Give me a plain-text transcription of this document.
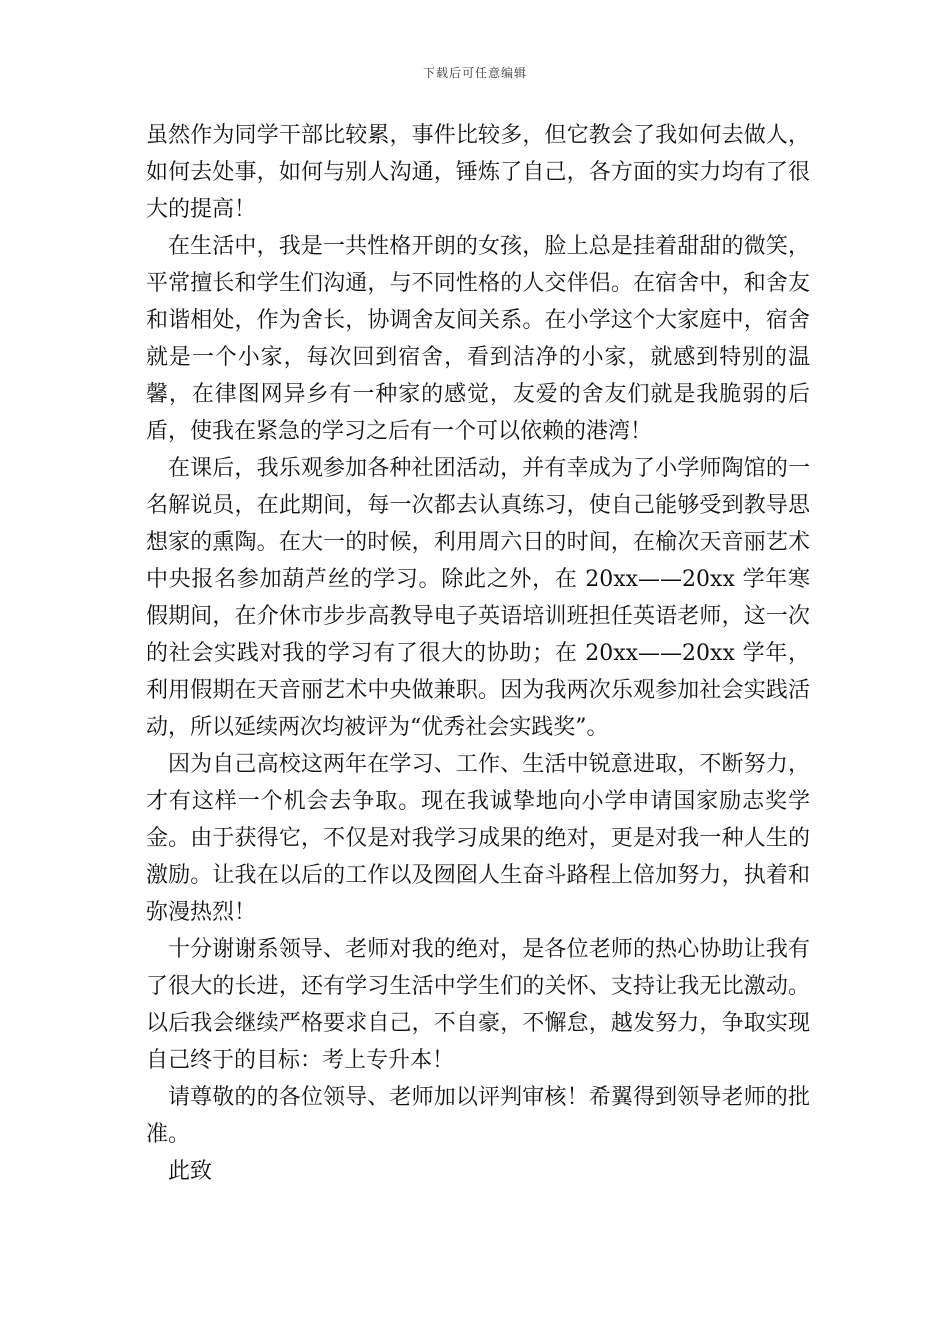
下载后可任意编辑

虽然作为同学干部比较累，事件比较多，但它教会了我如何去做人，如何去处事，如何与别人沟通，锤炼了自己，各方面的实力均有了很大的提高！

在生活中，我是一共性格开朗的女孩，脸上总是挂着甜甜的微笑，平常擅长和学生们沟通，与不同性格的人交伴侣。在宿舍中，和舍友和谐相处，作为舍长，协调舍友间关系。在小学这个大家庭中，宿舍就是一个小家，每次回到宿舍，看到洁净的小家，就感到特别的温馨，在律图网异乡有一种家的感觉，友爱的舍友们就是我脆弱的后盾，使我在紧急的学习之后有一个可以依赖的港湾！

在课后，我乐观参加各种社团活动，并有幸成为了小学师陶馆的一名解说员，在此期间，每一次都去认真练习，使自己能够受到教导思想家的熏陶。在大一的时候，利用周六日的时间，在榆次天音丽艺术中央报名参加葫芦丝的学习。除此之外，在 20xx——20xx 学年寒假期间，在介休市步步高教导电子英语培训班担任英语老师，这一次的社会实践对我的学习有了很大的协助；在 20xx——20xx 学年，利用假期在天音丽艺术中央做兼职。因为我两次乐观参加社会实践活动，所以延续两次均被评为“优秀社会实践奖”。

因为自己高校这两年在学习、工作、生活中锐意进取，不断努力，才有这样一个机会去争取。现在我诚挚地向小学申请国家励志奖学金。由于获得它，不仅是对我学习成果的绝对，更是对我一种人生的激励。让我在以后的工作以及囫囵人生奋斗路程上倍加努力，执着和弥漫热烈！

十分谢谢系领导、老师对我的绝对，是各位老师的热心协助让我有了很大的长进，还有学习生活中学生们的关怀、支持让我无比激动。以后我会继续严格要求自己，不自豪，不懈怠，越发努力，争取实现自己终于的目标：考上专升本！

请尊敬的的各位领导、老师加以评判审核！希翼得到领导老师的批准。

此致
